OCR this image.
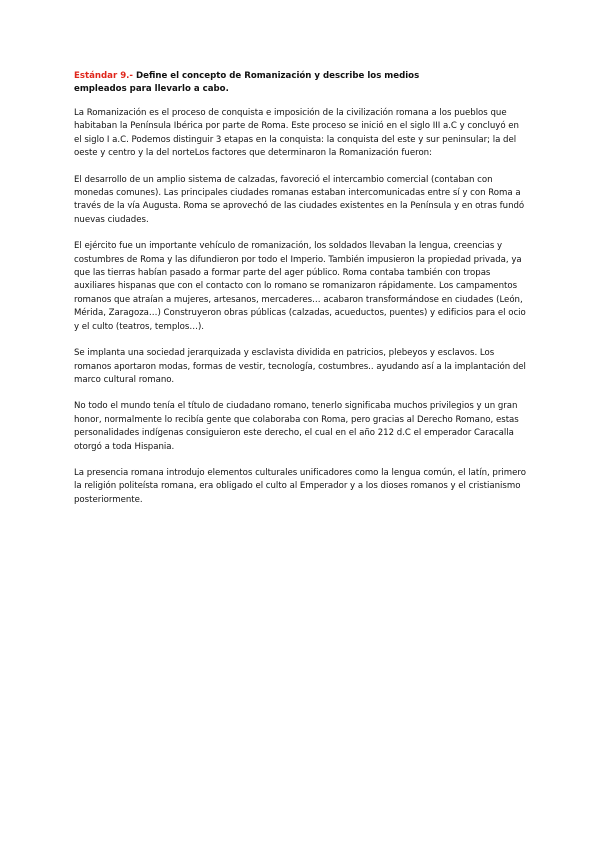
Estándar 9.- Define el concepto de Romanización y describe los medios empleados para llevarlo a cabo.

La Romanización es el proceso de conquista e imposición de la civilización romana a los pueblos que habitaban la Península Ibérica por parte de Roma. Este proceso se inició en el siglo III a.C y concluyó en el siglo I a.C. Podemos distinguir 3 etapas en la conquista: la conquista del este y sur peninsular; la del oeste y centro y la del norteLos factores que determinaron la Romanización fueron:

El desarrollo de un amplio sistema de calzadas, favoreció el intercambio comercial (contaban con monedas comunes). Las principales ciudades romanas estaban intercomunicadas entre sí y con Roma a través de la vía Augusta. Roma se aprovechó de las ciudades existentes en la Península y en otras fundó nuevas ciudades.

El ejército fue un importante vehículo de romanización, los soldados llevaban la lengua, creencias y costumbres de Roma y las difundieron por todo el Imperio. También impusieron la propiedad privada, ya que las tierras habían pasado a formar parte del ager público. Roma contaba también con tropas auxiliares hispanas que con el contacto con lo romano se romanizaron rápidamente. Los campamentos romanos que atraían a mujeres, artesanos, mercaderes… acabaron transformándose en ciudades (León, Mérida, Zaragoza…) Construyeron obras públicas (calzadas, acueductos, puentes) y edificios para el ocio y el culto (teatros, templos…).

Se implanta una sociedad jerarquizada y esclavista dividida en patricios, plebeyos y esclavos. Los romanos aportaron modas, formas de vestir, tecnología, costumbres.. ayudando así a la implantación del marco cultural romano.

No todo el mundo tenía el título de ciudadano romano, tenerlo significaba muchos privilegios y un gran honor, normalmente lo recibía gente que colaboraba con Roma, pero gracias al Derecho Romano, estas personalidades indígenas consiguieron este derecho, el cual en el año 212 d.C el emperador Caracalla otorgó a toda Hispania.

La presencia romana introdujo elementos culturales unificadores como la lengua común, el latín, primero la religión politeísta romana, era obligado el culto al Emperador y a los dioses romanos y el cristianismo posteriormente.
